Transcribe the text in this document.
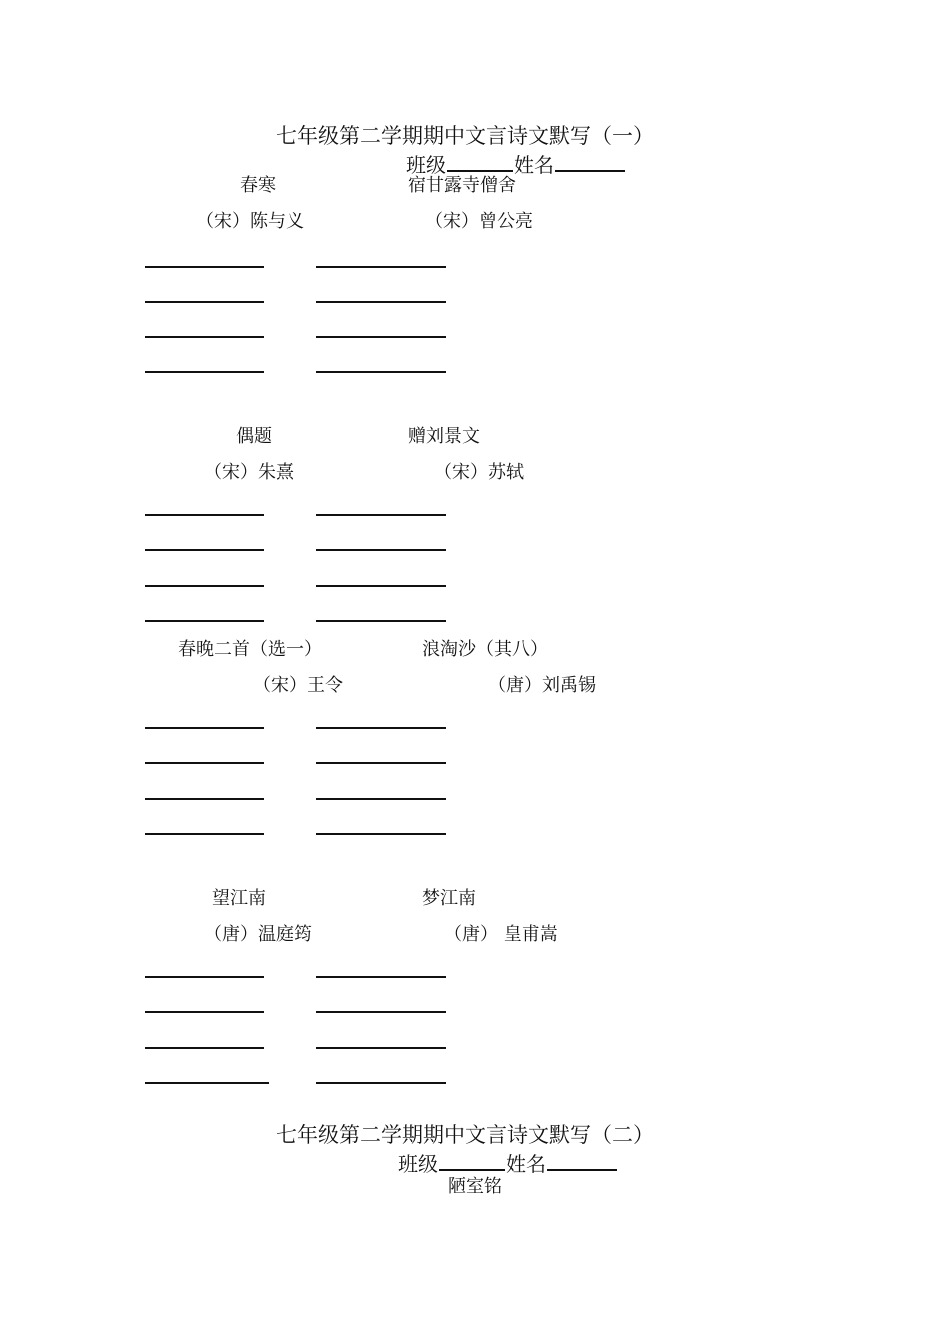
七年级第二学期期中文言诗文默写（一）
班级	姓名
春寒	宿甘露寺僧舍
（宋）陈与义	（宋）曾公亮
偶题	赠刘景文
（宋）朱熹	（宋）苏轼
春晚二首（选一）	浪淘沙（其八）
（宋）王令	（唐）刘禹锡
望江南	梦江南
（唐）温庭筠	（唐） 皇甫嵩
七年级第二学期期中文言诗文默写（二）
班级	姓名
陋室铭
